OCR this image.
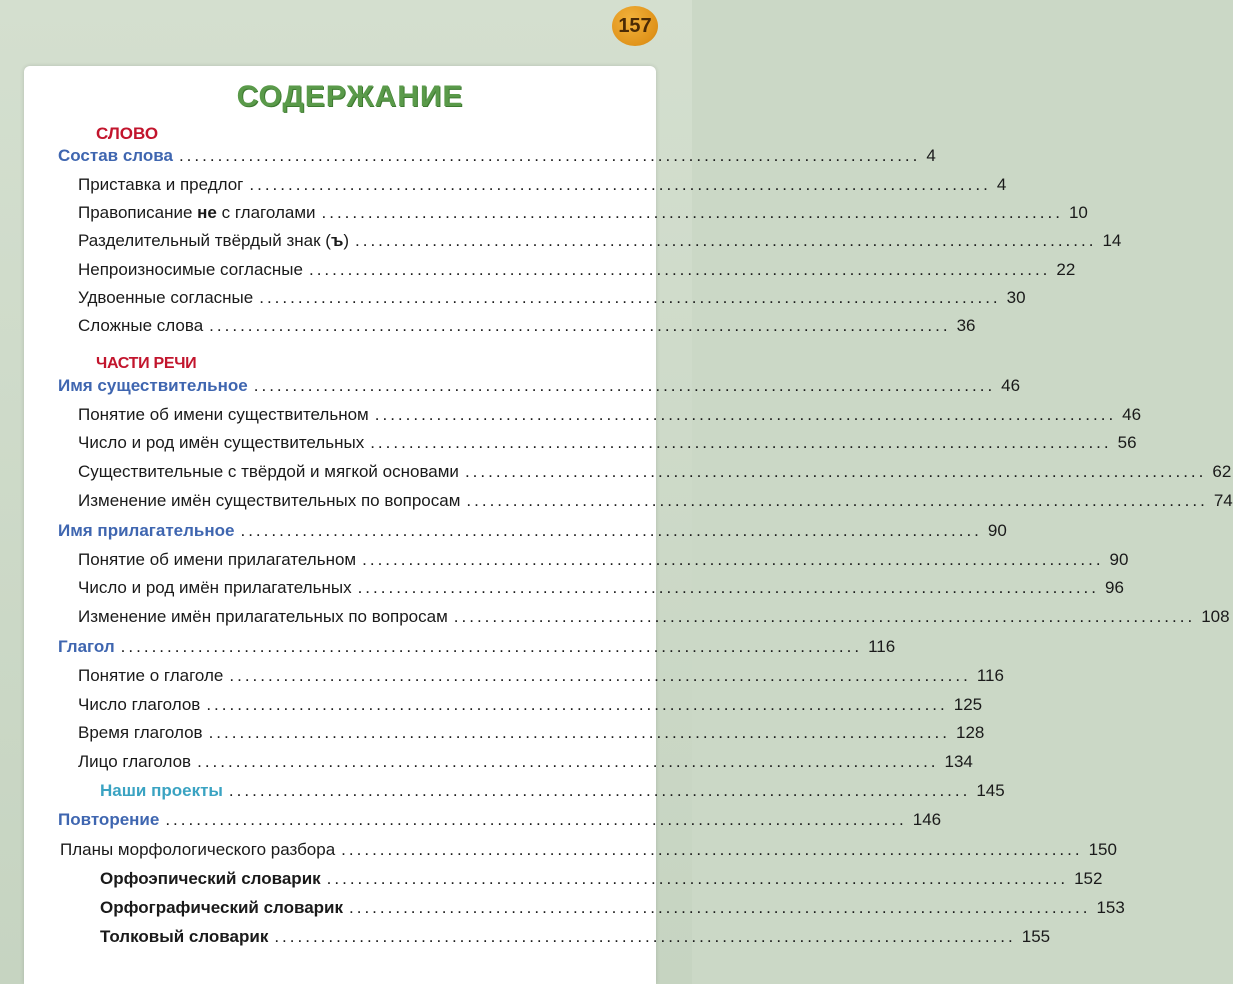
157
СОДЕРЖАНИЕ
СЛОВО
Состав слова ................................................................................................ 4
Приставка и предлог ................................................................................................ 4
Правописание не с глаголами ................................................................................................ 10
Разделительный твёрдый знак (ъ) ................................................................................................ 14
Непроизносимые согласные ................................................................................................ 22
Удвоенные согласные ................................................................................................ 30
Сложные слова ................................................................................................ 36
ЧАСТИ РЕЧИ
Имя существительное ................................................................................................ 46
Понятие об имени существительном ................................................................................................ 46
Число и род имён существительных ................................................................................................ 56
Существительные с твёрдой и мягкой основами ................................................................................................ 62
Изменение имён существительных по вопросам ................................................................................................ 74
Имя прилагательное ................................................................................................ 90
Понятие об имени прилагательном ................................................................................................ 90
Число и род имён прилагательных ................................................................................................ 96
Изменение имён прилагательных по вопросам ................................................................................................ 108
Глагол ................................................................................................ 116
Понятие о глаголе ................................................................................................ 116
Число глаголов ................................................................................................ 125
Время глаголов ................................................................................................ 128
Лицо глаголов ................................................................................................ 134
Наши проекты ................................................................................................ 145
Повторение ................................................................................................ 146
Планы морфологического разбора ................................................................................................ 150
Орфоэпический словарик ................................................................................................ 152
Орфографический словарик ................................................................................................ 153
Толковый словарик ................................................................................................ 155
